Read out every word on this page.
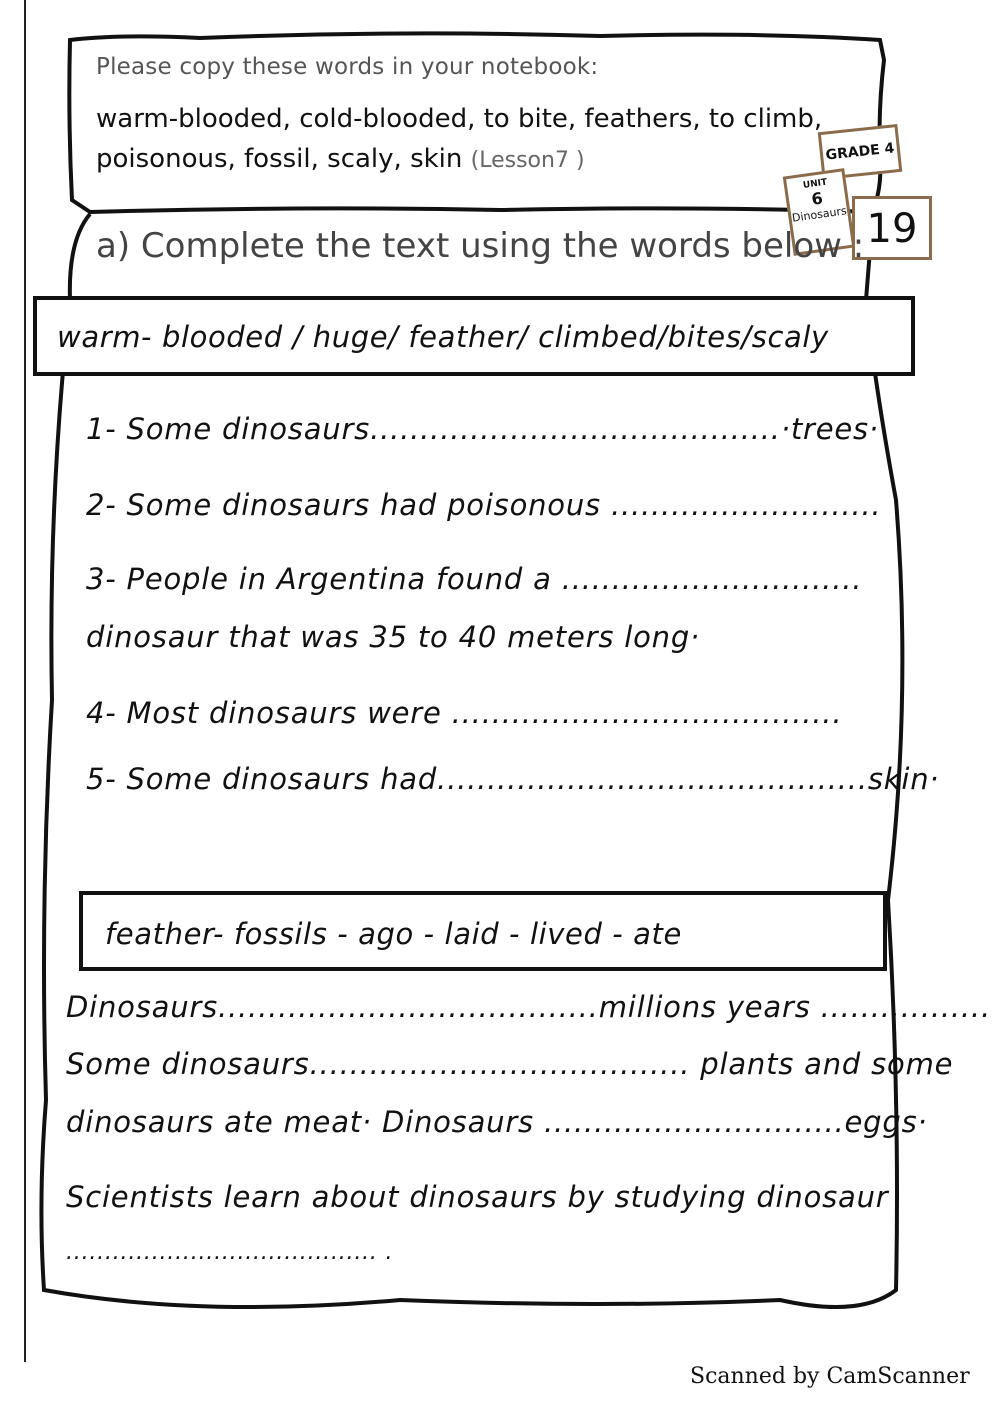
Please copy these words in your notebook:
warm-blooded, cold-blooded, to bite, feathers, to climb,
poisonous, fossil, scaly, skin (Lesson7 )	GRADE 4
UNIT
6
Dinosaurs 19
a) Complete the text using the words below :
warm- blooded / huge/ feather/ climbed/bites/scaly
1- Some dinosaurs.........................................·trees·
2- Some dinosaurs had poisonous ...........................
3- People in Argentina found a ..............................
dinosaur that was 35 to 40 meters long·
4- Most dinosaurs were .......................................
5- Some dinosaurs had...........................................skin·
feather- fossils - ago - laid - lived - ate
Dinosaurs......................................millions years .................
Some dinosaurs...................................... plants and some
dinosaurs ate meat· Dinosaurs ..............................eggs·
Scientists learn about dinosaurs by studying dinosaur
........................................ .
Scanned by CamScanner
